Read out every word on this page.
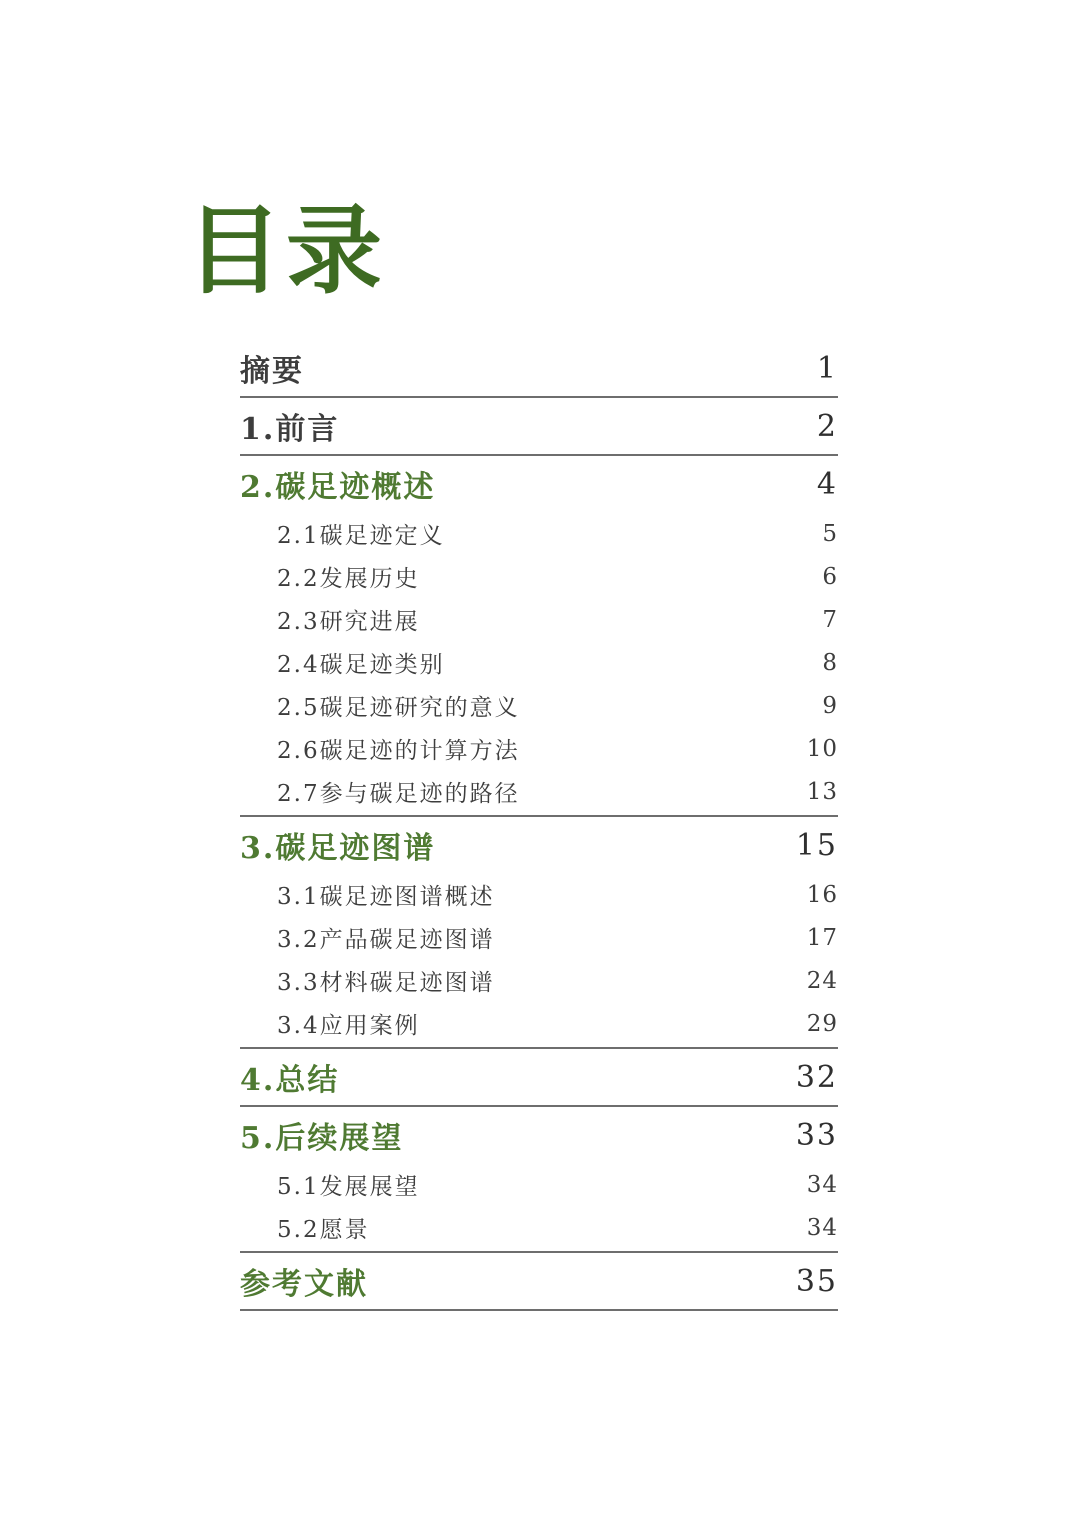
目录
摘要	1
1.前言	2
2.碳足迹概述	4
2.1碳足迹定义	5
2.2发展历史	6
2.3研究进展	7
2.4碳足迹类别	8
2.5碳足迹研究的意义	9
2.6碳足迹的计算方法	10
2.7参与碳足迹的路径	13
3.碳足迹图谱	15
3.1碳足迹图谱概述	16
3.2产品碳足迹图谱	17
3.3材料碳足迹图谱	24
3.4应用案例	29
4.总结	32
5.后续展望	33
5.1发展展望	34
5.2愿景	34
参考文献	35
